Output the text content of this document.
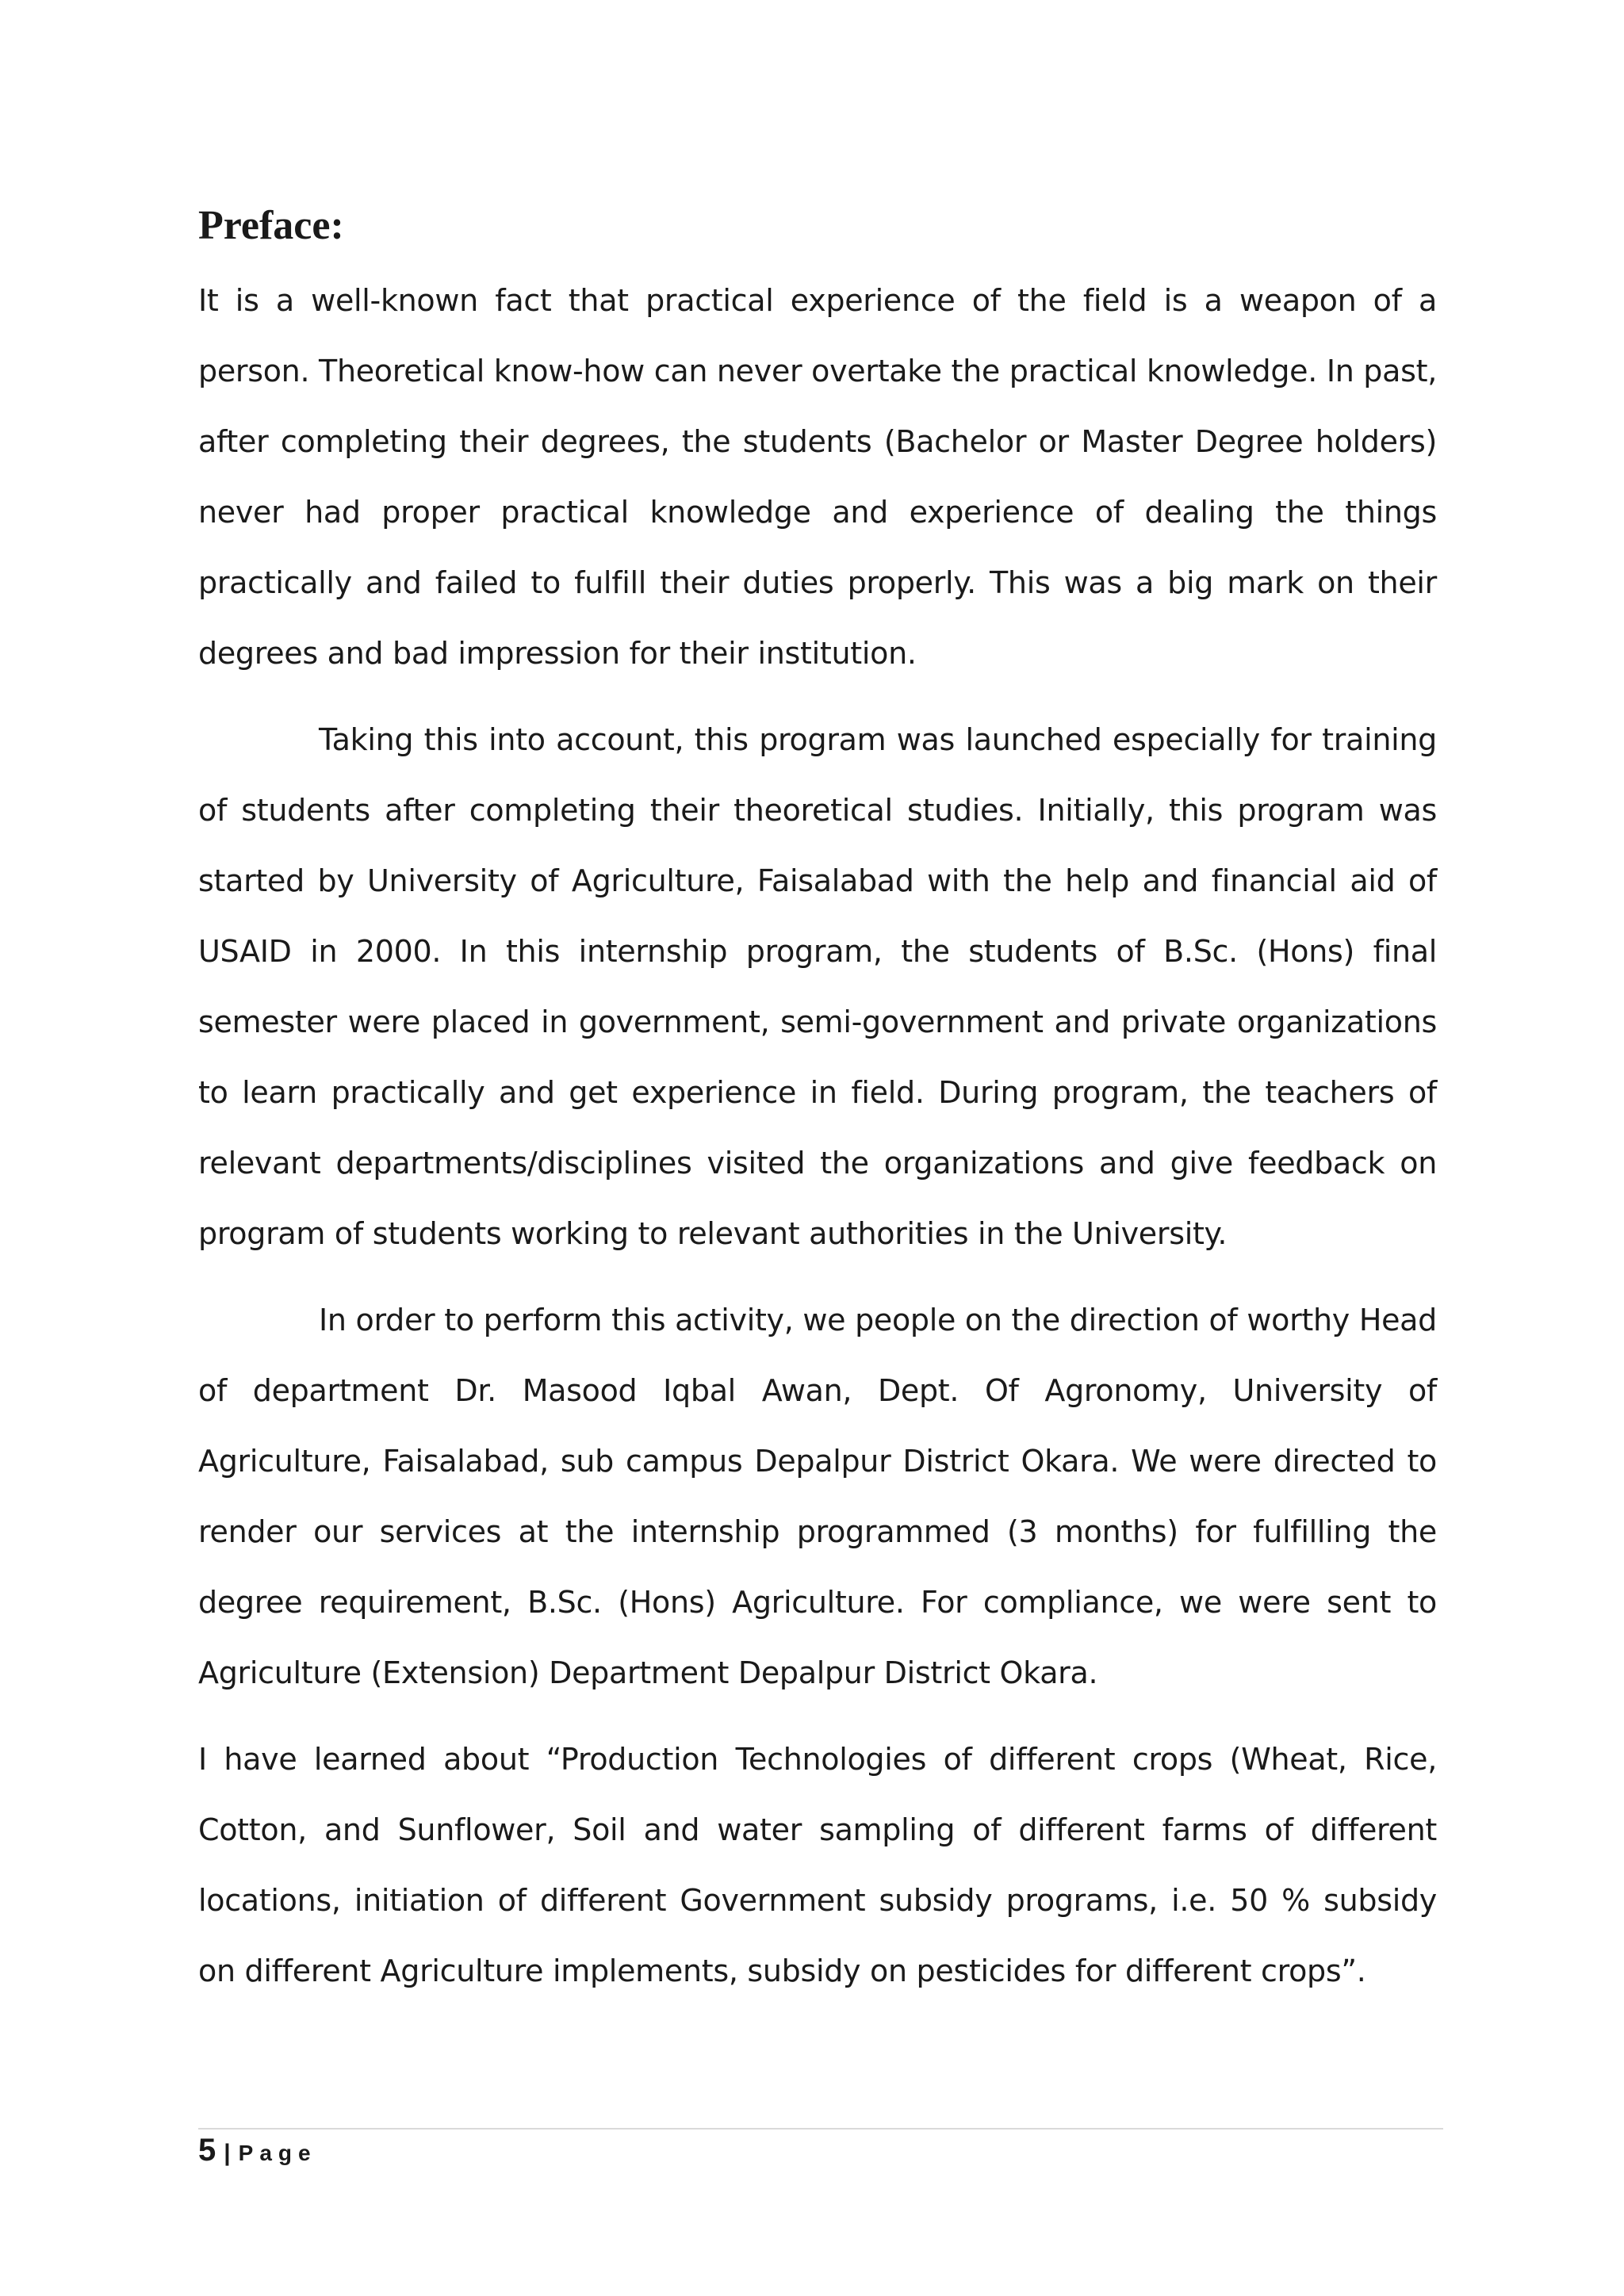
Preface:

It is a well-known fact that practical experience of the field is a weapon of a person. Theoretical know-how can never overtake the practical knowledge. In past, after completing their degrees, the students (Bachelor or Master Degree holders) never had proper practical knowledge and experience of dealing the things practically and failed to fulfill their duties properly. This was a big mark on their degrees and bad impression for their institution.

Taking this into account, this program was launched especially for training of students after completing their theoretical studies. Initially, this program was started by University of Agriculture, Faisalabad with the help and financial aid of USAID in 2000. In this internship program, the students of B.Sc. (Hons) final semester were placed in government, semi-government and private organizations to learn practically and get experience in field. During program, the teachers of relevant departments/disciplines visited the organizations and give feedback on program of students working to relevant authorities in the University.

In order to perform this activity, we people on the direction of worthy Head of department Dr. Masood Iqbal Awan, Dept. Of Agronomy, University of Agriculture, Faisalabad, sub campus Depalpur District Okara. We were directed to render our services at the internship programmed (3 months) for fulfilling the degree requirement, B.Sc. (Hons) Agriculture. For compliance, we were sent to Agriculture (Extension) Department Depalpur District Okara.

I have learned about “Production Technologies of different crops (Wheat, Rice, Cotton, and Sunflower, Soil and water sampling of different farms of different locations, initiation of different Government subsidy programs, i.e. 50 % subsidy on different Agriculture implements, subsidy on pesticides for different crops”.

5 | Page
